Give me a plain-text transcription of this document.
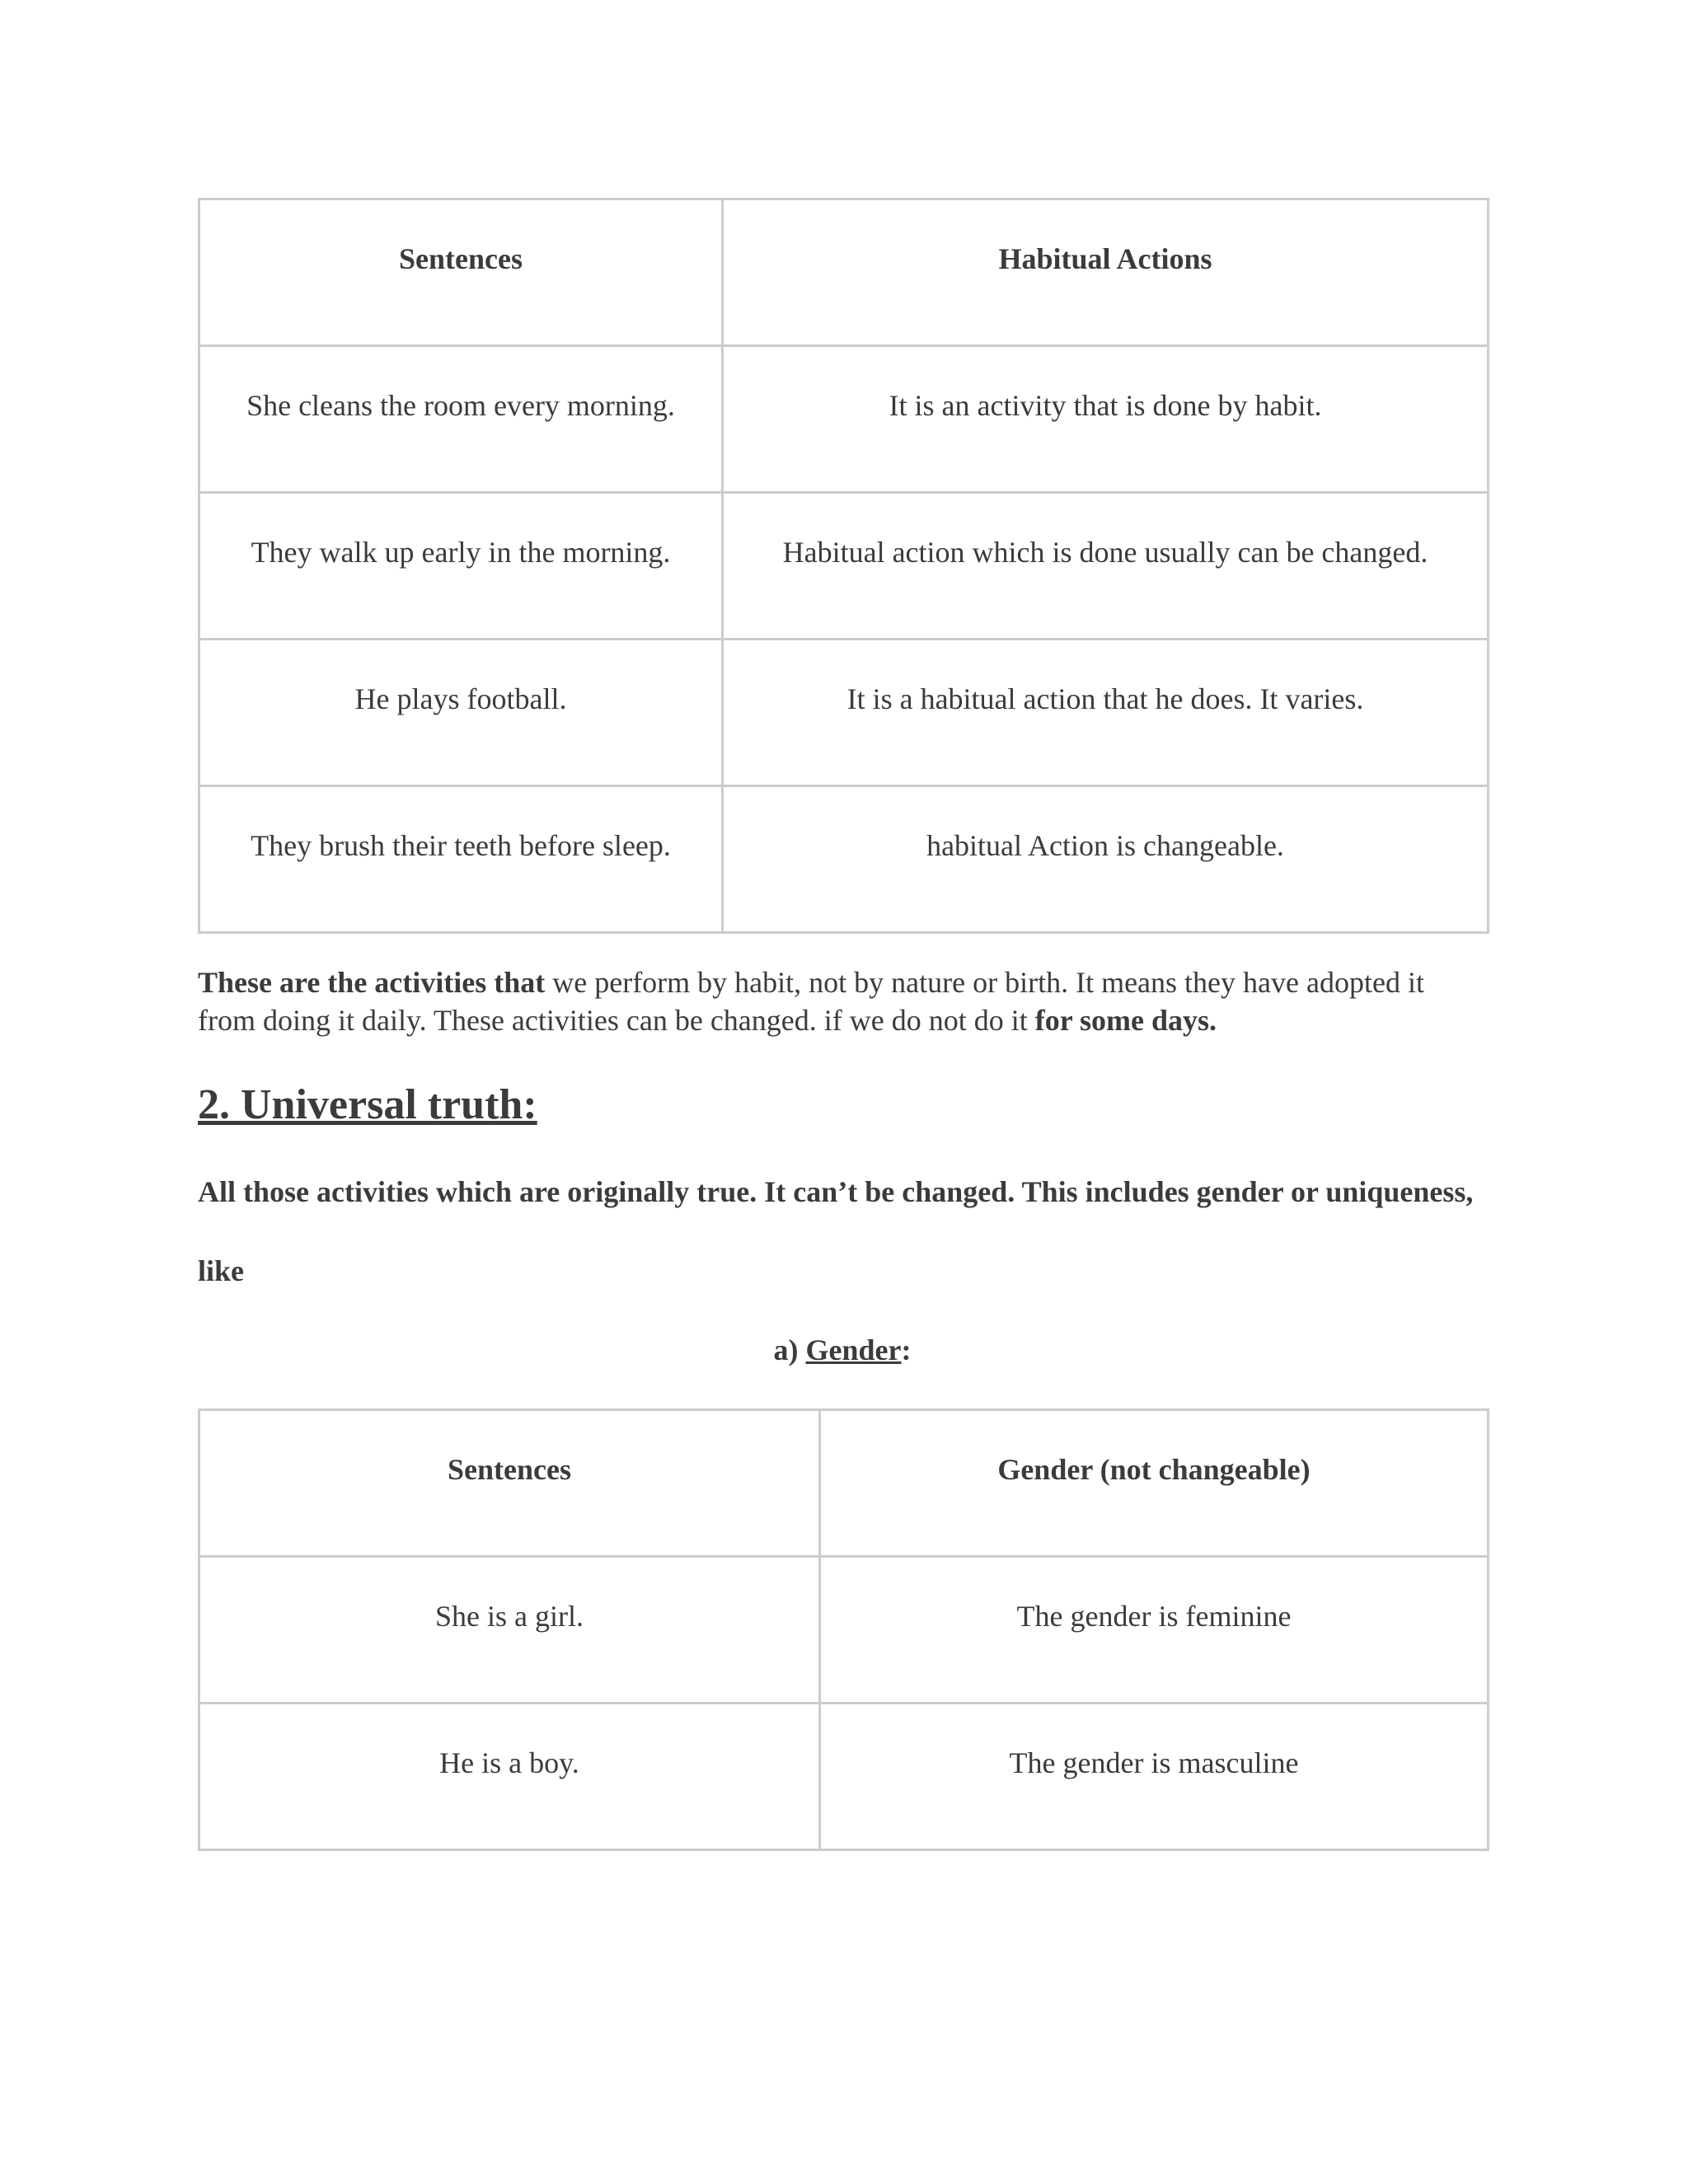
Sentences	Habitual Actions
She cleans the room every morning.	It is an activity that is done by habit.
They walk up early in the morning.	Habitual action which is done usually can be changed.
He plays football.	It is a habitual action that he does. It varies.
They brush their teeth before sleep.	habitual Action is changeable.

These are the activities that we perform by habit, not by nature or birth. It means they have adopted it from doing it daily. These activities can be changed. if we do not do it for some days.

2. Universal truth:
All those activities which are originally true. It can’t be changed. This includes gender or uniqueness,
like
a) Gender:
Sentences	Gender (not changeable)
She is a girl.	The gender is feminine
He is a boy.	The gender is masculine
